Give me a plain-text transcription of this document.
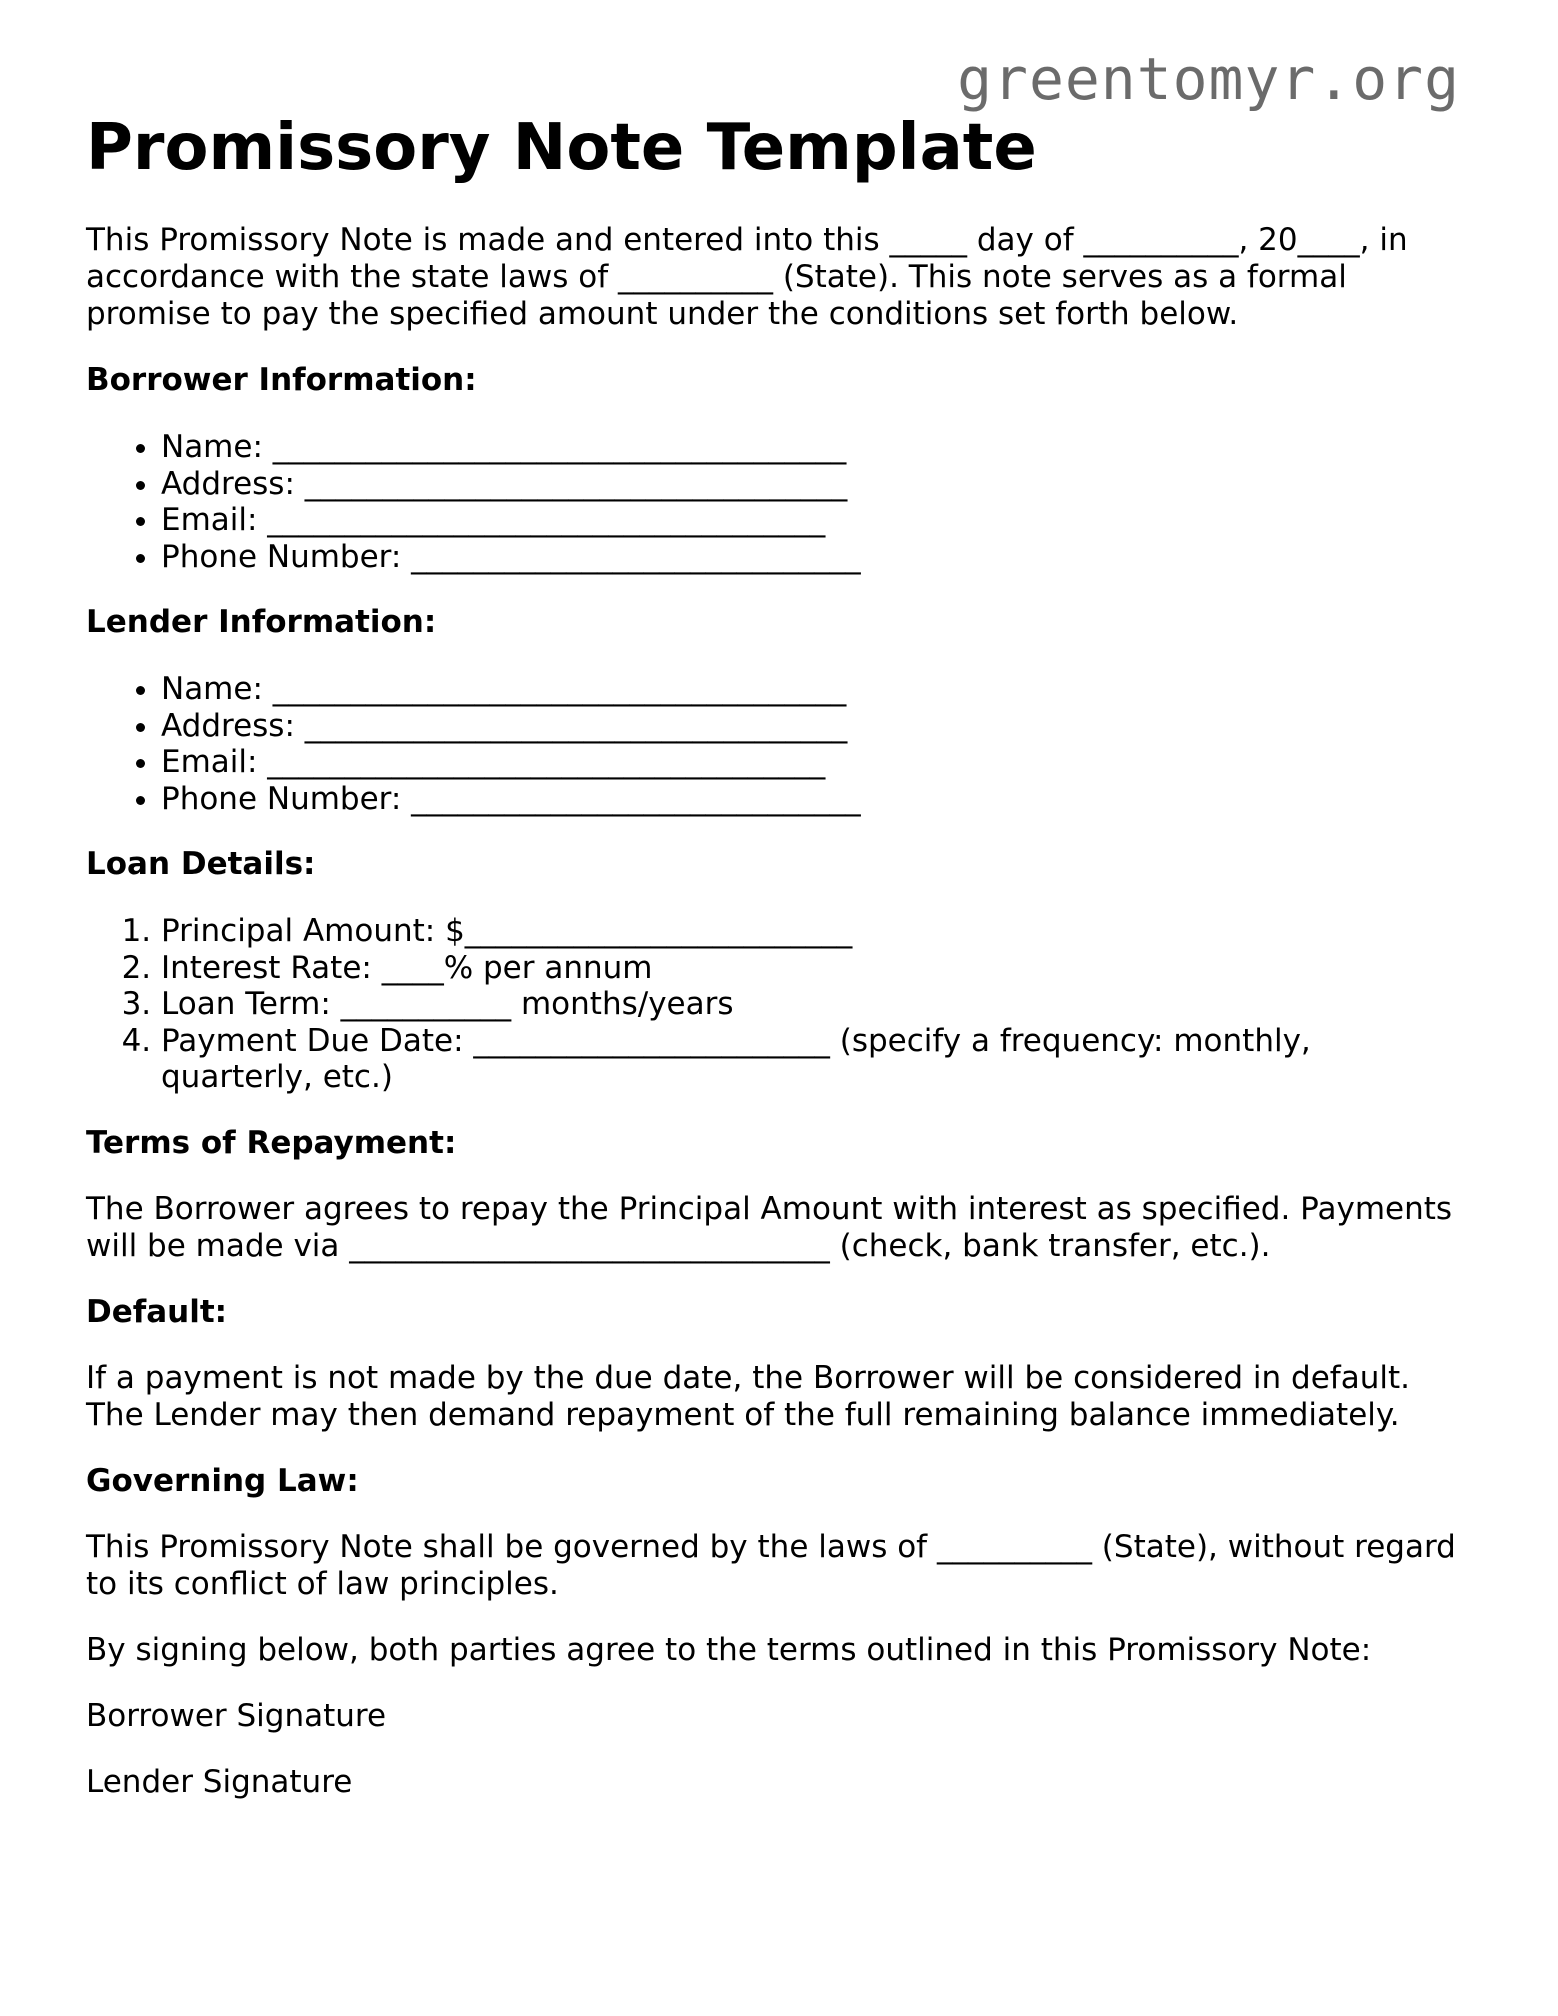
greentomyr.org
Promissory Note Template

This Promissory Note is made and entered into this _____ day of __________, 20____, in accordance with the state laws of __________ (State). This note serves as a formal promise to pay the specified amount under the conditions set forth below.

Borrower Information:
• Name: _____________________________________
• Address: ___________________________________
• Email: ____________________________________
• Phone Number: _____________________________
Lender Information:
• Name: _____________________________________
• Address: ___________________________________
• Email: ____________________________________
• Phone Number: _____________________________
Loan Details:
1. Principal Amount: $_________________________
2. Interest Rate: ____% per annum
3. Loan Term: ___________ months/years
4. Payment Due Date: _______________________ (specify a frequency: monthly, quarterly, etc.)
Terms of Repayment:

The Borrower agrees to repay the Principal Amount with interest as specified. Payments will be made via _______________________________ (check, bank transfer, etc.).

Default:

If a payment is not made by the due date, the Borrower will be considered in default. The Lender may then demand repayment of the full remaining balance immediately.

Governing Law:

This Promissory Note shall be governed by the laws of __________ (State), without regard to its conflict of law principles.

By signing below, both parties agree to the terms outlined in this Promissory Note:

Borrower Signature

Lender Signature
